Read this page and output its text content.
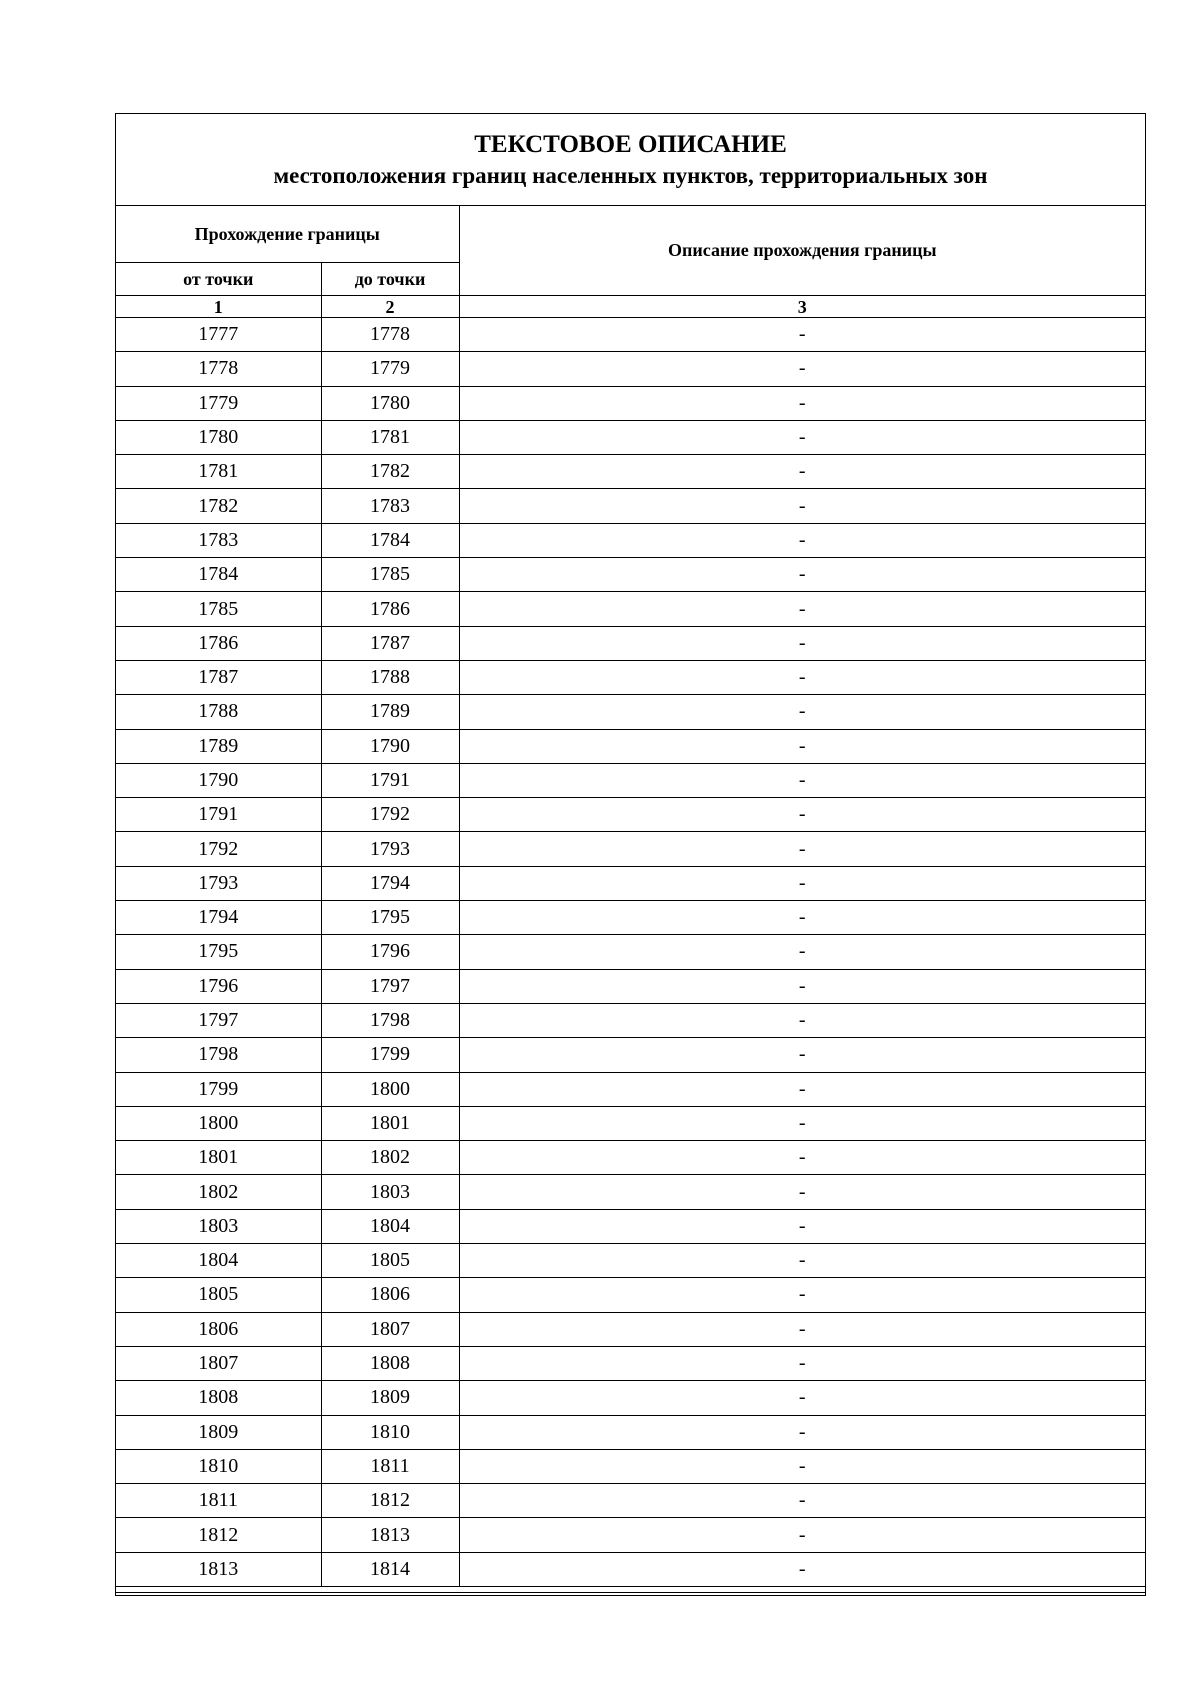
ТЕКСТОВОЕ ОПИСАНИЕ
местоположения границ населенных пунктов, территориальных зон
Прохождение границы		Описание прохождения границы
от точки	до точки	
1	2	3
1777	1778	-
1778	1779	-
1779	1780	-
1780	1781	-
1781	1782	-
1782	1783	-
1783	1784	-
1784	1785	-
1785	1786	-
1786	1787	-
1787	1788	-
1788	1789	-
1789	1790	-
1790	1791	-
1791	1792	-
1792	1793	-
1793	1794	-
1794	1795	-
1795	1796	-
1796	1797	-
1797	1798	-
1798	1799	-
1799	1800	-
1800	1801	-
1801	1802	-
1802	1803	-
1803	1804	-
1804	1805	-
1805	1806	-
1806	1807	-
1807	1808	-
1808	1809	-
1809	1810	-
1810	1811	-
1811	1812	-
1812	1813	-
1813	1814	-
